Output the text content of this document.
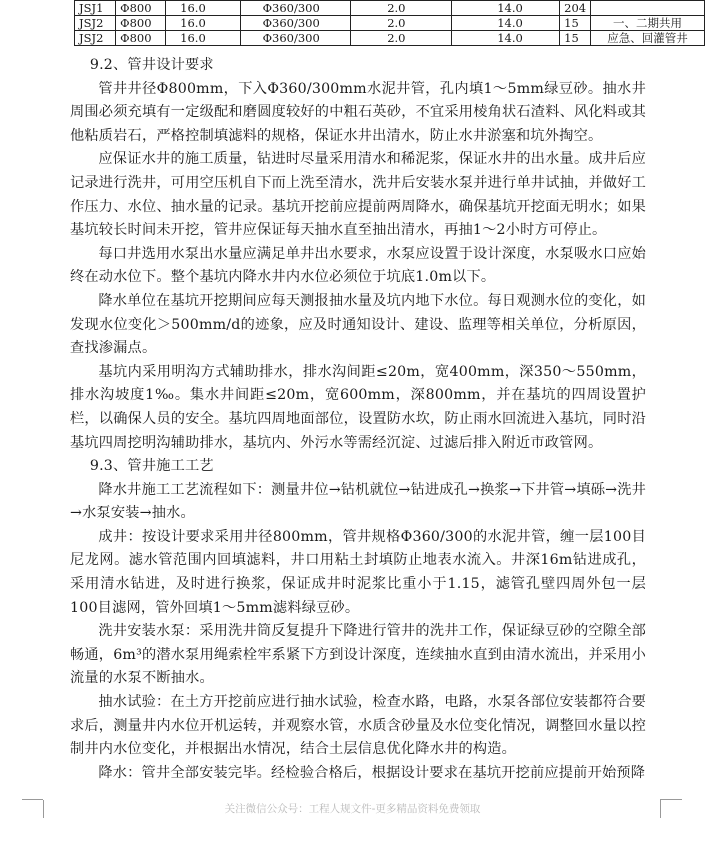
JSJ1	Φ800	16.0	Φ360/300	2.0	14.0	204	
JSJ2	Φ800	16.0	Φ360/300	2.0	14.0	15	一、二期共用
JSJ2	Φ800	16.0	Φ360/300	2.0	14.0	15	应急、回灌管井

9.2、管井设计要求

管井井径Φ800mm，下入Φ360/300mm水泥井管，孔内填1～5mm绿豆砂。抽水井周围必须充填有一定级配和磨圆度较好的中粗石英砂，不宜采用棱角状石渣料、风化料或其他粘质岩石，严格控制填滤料的规格，保证水井出清水，防止水井淤塞和坑外掏空。

应保证水井的施工质量，钻进时尽量采用清水和稀泥浆，保证水井的出水量。成井后应记录进行洗井，可用空压机自下而上洗至清水，洗井后安装水泵并进行单井试抽，并做好工作压力、水位、抽水量的记录。基坑开挖前应提前两周降水，确保基坑开挖面无明水；如果基坑较长时间未开挖，管井应保证每天抽水直至抽出清水，再抽1～2小时方可停止。

每口井选用水泵出水量应满足单井出水要求，水泵应设置于设计深度，水泵吸水口应始终在动水位下。整个基坑内降水井内水位必须位于坑底1.0m以下。

降水单位在基坑开挖期间应每天测报抽水量及坑内地下水位。每日观测水位的变化，如发现水位变化＞500mm/d的迹象，应及时通知设计、建设、监理等相关单位，分析原因，查找渗漏点。

基坑内采用明沟方式辅助排水，排水沟间距≤20m，宽400mm，深350～550mm，排水沟坡度1‰。集水井间距≤20m，宽600mm，深800mm，并在基坑的四周设置护栏，以确保人员的安全。基坑四周地面部位，设置防水坎，防止雨水回流进入基坑，同时沿基坑四周挖明沟辅助排水，基坑内、外污水等需经沉淀、过滤后排入附近市政管网。

9.3、管井施工工艺

降水井施工工艺流程如下：测量井位→钻机就位→钻进成孔→换浆→下井管→填砾→洗井→水泵安装→抽水。

成井：按设计要求采用井径800mm，管井规格Φ360/300的水泥井管，缠一层100目尼龙网。滤水管范围内回填滤料，井口用粘土封填防止地表水流入。井深16m钻进成孔，采用清水钻进，及时进行换浆，保证成井时泥浆比重小于1.15，滤管孔壁四周外包一层100目滤网，管外回填1～5mm滤料绿豆砂。

洗井安装水泵：采用洗井筒反复提升下降进行管井的洗井工作，保证绿豆砂的空隙全部畅通，6m³的潜水泵用绳索栓牢系紧下方到设计深度，连续抽水直到由清水流出，并采用小流量的水泵不断抽水。

抽水试验：在土方开挖前应进行抽水试验，检查水路，电路，水泵各部位安装都符合要求后，测量井内水位开机运转，并观察水管，水质含砂量及水位变化情况，调整回水量以控制井内水位变化，并根据出水情况，结合土层信息优化降水井的构造。

降水：管井全部安装完毕。经检验合格后，根据设计要求在基坑开挖前应提前开始预降

关注微信公众号：工程人规文件-更多精品资料免费领取
